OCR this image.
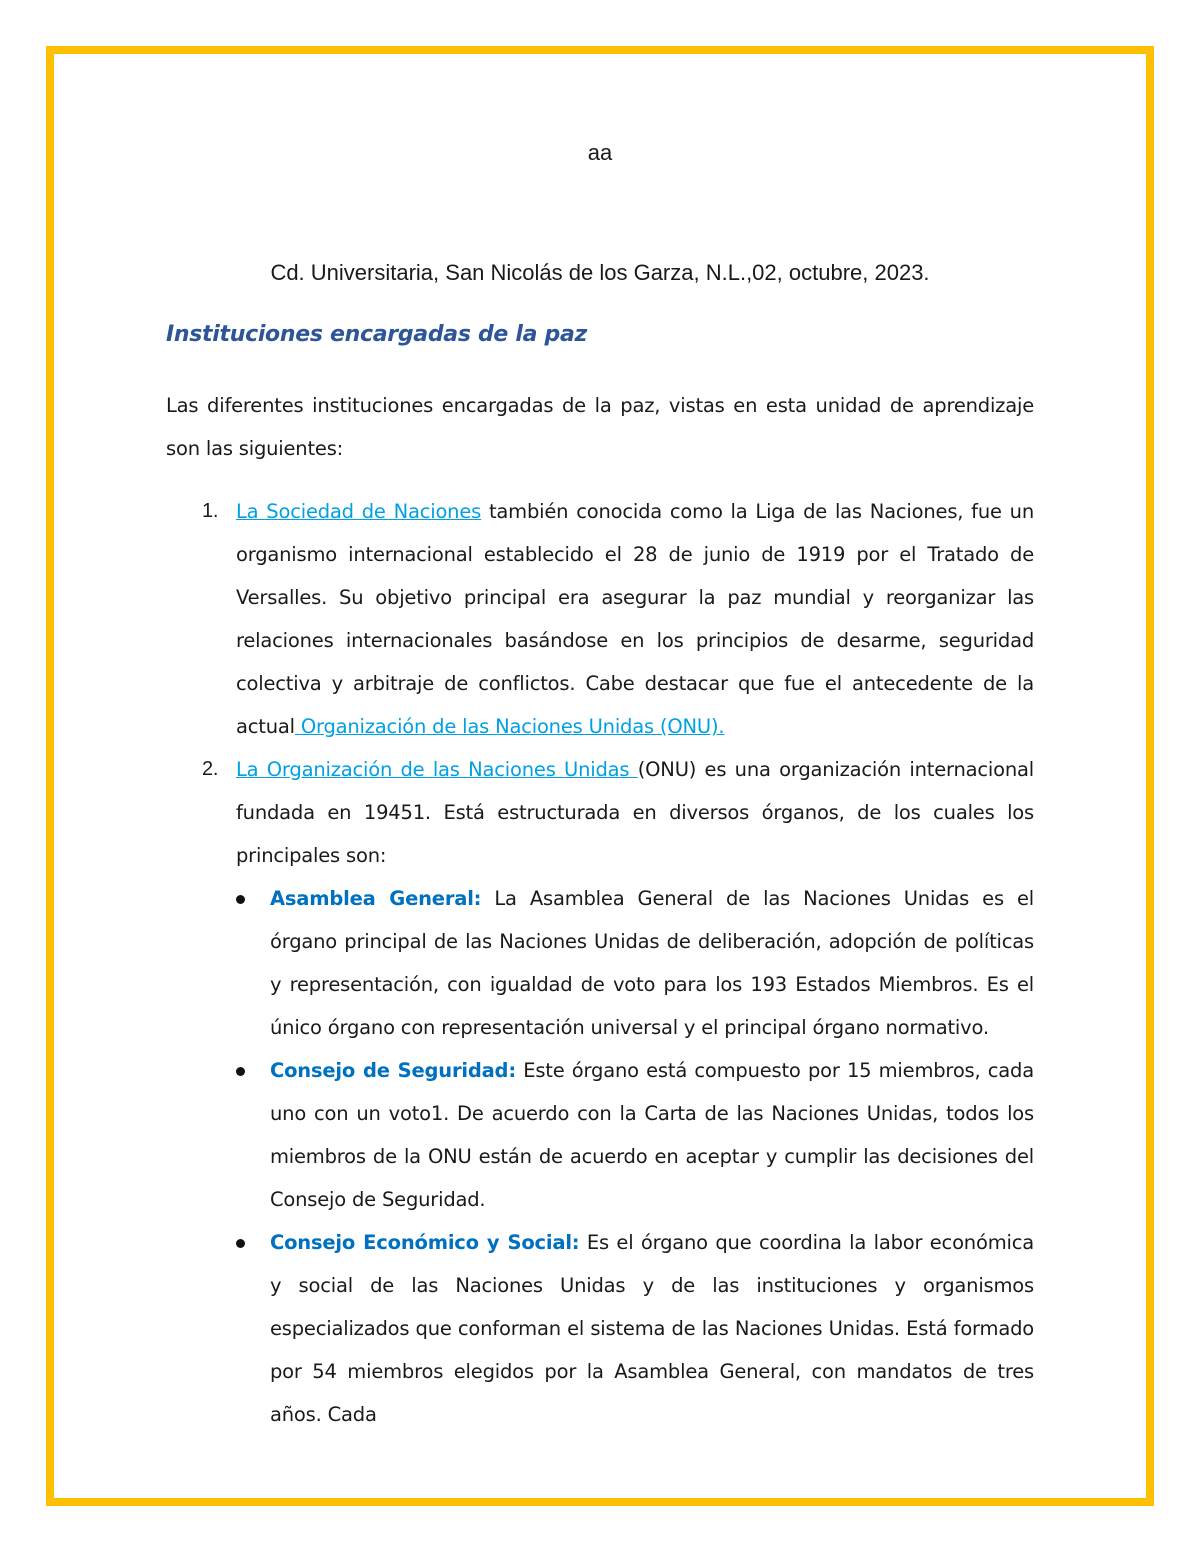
aa
Cd. Universitaria, San Nicolás de los Garza, N.L.,02, octubre, 2023.
Instituciones encargadas de la paz
Las diferentes instituciones encargadas de la paz, vistas en esta unidad de aprendizaje son las siguientes:
1. La Sociedad de Naciones también conocida como la Liga de las Naciones, fue un organismo internacional establecido el 28 de junio de 1919 por el Tratado de Versalles. Su objetivo principal era asegurar la paz mundial y reorganizar las relaciones internacionales basándose en los principios de desarme, seguridad colectiva y arbitraje de conflictos. Cabe destacar que fue el antecedente de la actual Organización de las Naciones Unidas (ONU).
2. La Organización de las Naciones Unidas (ONU) es una organización internacional fundada en 19451. Está estructurada en diversos órganos, de los cuales los principales son:
Asamblea General: La Asamblea General de las Naciones Unidas es el órgano principal de las Naciones Unidas de deliberación, adopción de políticas y representación, con igualdad de voto para los 193 Estados Miembros. Es el único órgano con representación universal y el principal órgano normativo.
Consejo de Seguridad: Este órgano está compuesto por 15 miembros, cada uno con un voto1. De acuerdo con la Carta de las Naciones Unidas, todos los miembros de la ONU están de acuerdo en aceptar y cumplir las decisiones del Consejo de Seguridad.
Consejo Económico y Social: Es el órgano que coordina la labor económica y social de las Naciones Unidas y de las instituciones y organismos especializados que conforman el sistema de las Naciones Unidas. Está formado por 54 miembros elegidos por la Asamblea General, con mandatos de tres años. Cada
